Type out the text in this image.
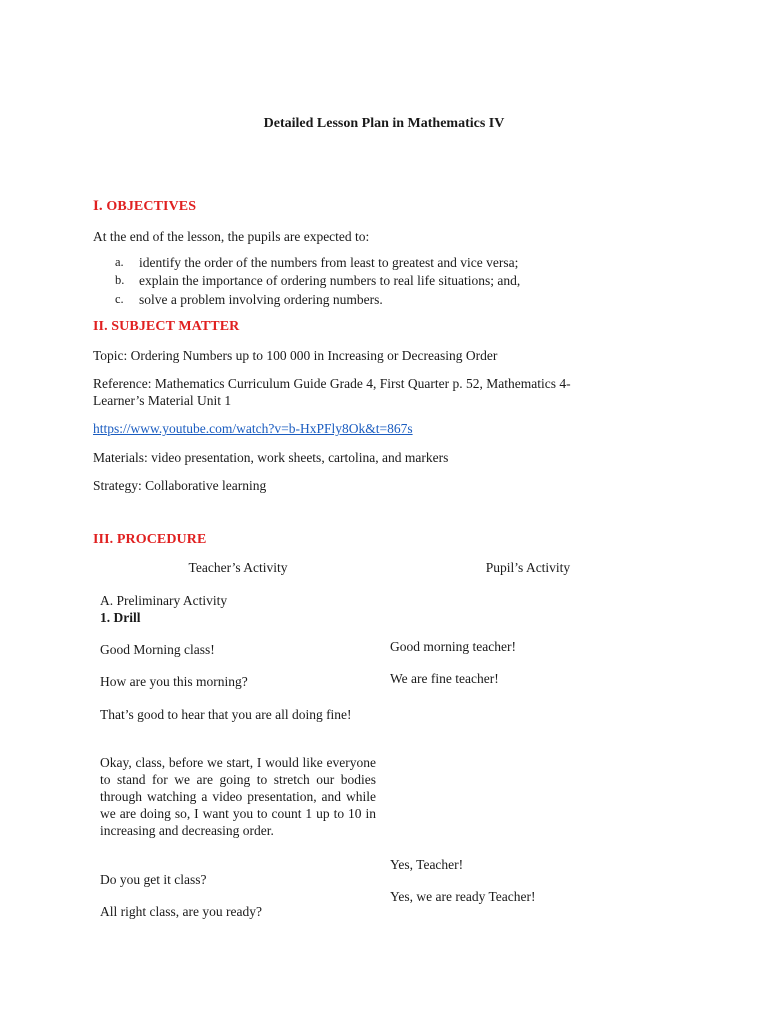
Detailed Lesson Plan in Mathematics IV

I. OBJECTIVES

At the end of the lesson, the pupils are expected to:

a. identify the order of the numbers from least to greatest and vice versa;
b. explain the importance of ordering numbers to real life situations; and,
c. solve a problem involving ordering numbers.

II. SUBJECT MATTER

Topic: Ordering Numbers up to 100 000 in Increasing or Decreasing Order

Reference: Mathematics Curriculum Guide Grade 4, First Quarter p. 52, Mathematics 4-

Learner’s Material Unit 1

https://www.youtube.com/watch?v=b-HxPFly8Ok&t=867s

Materials: video presentation, work sheets, cartolina, and markers

Strategy: Collaborative learning

III. PROCEDURE

Teacher’s Activity	Pupil’s Activity

A. Preliminary Activity

1. Drill

Good Morning class!

How are you this morning?

That’s good to hear that you are all doing fine!

Okay, class, before we start, I would like everyone to stand for we are going to stretch our bodies through watching a video presentation, and while we are doing so, I want you to count 1 up to 10 in increasing and decreasing order.

Do you get it class?

All right class, are you ready?

Good morning teacher!

We are fine teacher!

Yes, Teacher!

Yes, we are ready Teacher!
